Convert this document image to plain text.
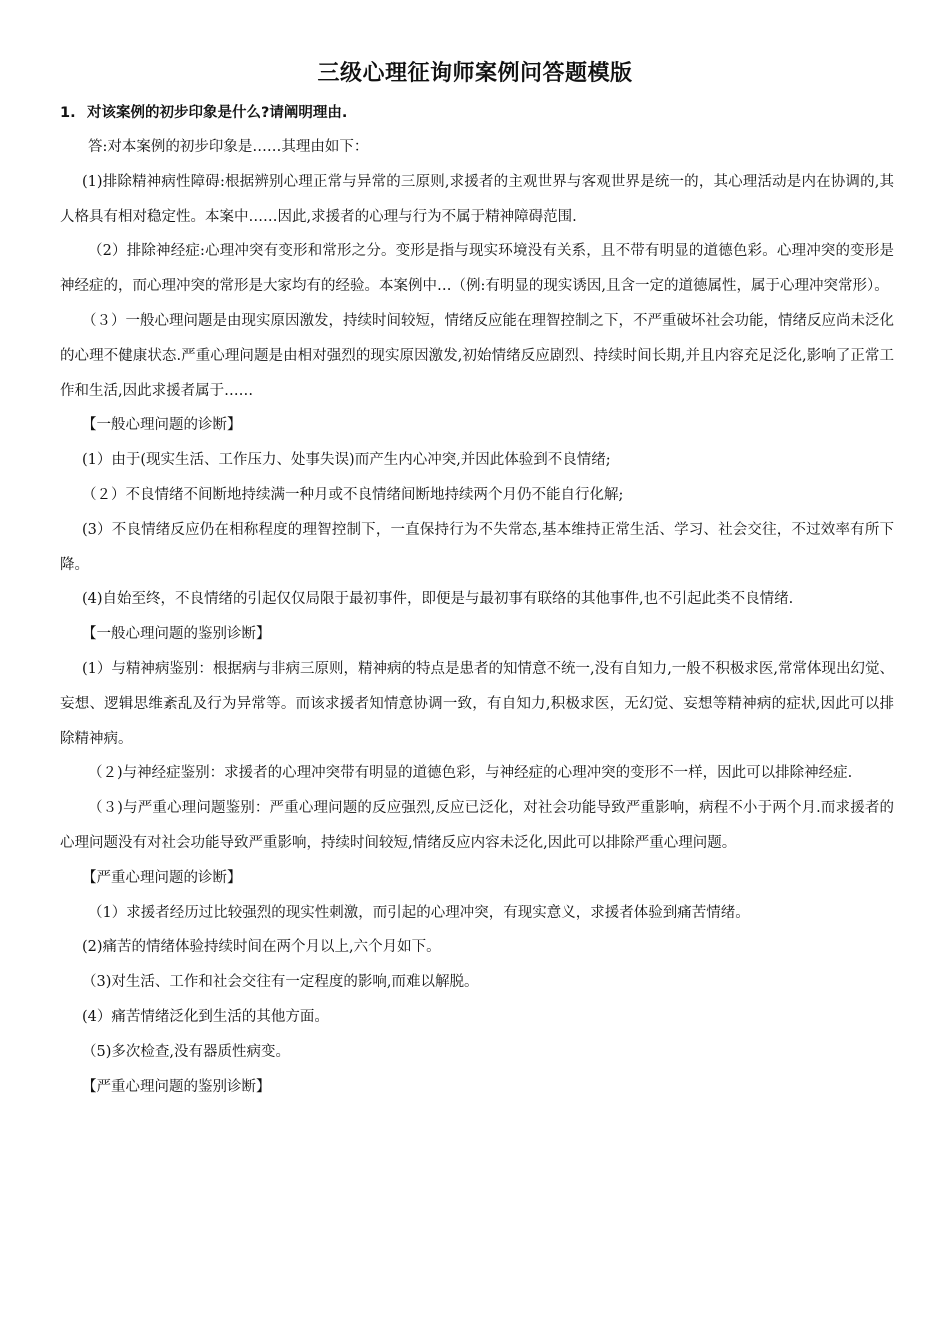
三级心理征询师案例问答题模版
1. 对该案例的初步印象是什么?请阐明理由.

答:对本案例的初步印象是……其理由如下：

(1)排除精神病性障碍:根据辨别心理正常与异常的三原则,求援者的主观世界与客观世界是统一的，其心理活动是内在协调的,其人格具有相对稳定性。本案中……因此,求援者的心理与行为不属于精神障碍范围.

（2）排除神经症:心理冲突有变形和常形之分。变形是指与现实环境没有关系，且不带有明显的道德色彩。心理冲突的变形是神经症的，而心理冲突的常形是大家均有的经验。本案例中…（例:有明显的现实诱因,且含一定的道德属性，属于心理冲突常形）。

（３）一般心理问题是由现实原因激发，持续时间较短，情绪反应能在理智控制之下，不严重破坏社会功能，情绪反应尚未泛化的心理不健康状态.严重心理问题是由相对强烈的现实原因激发,初始情绪反应剧烈、持续时间长期,并且内容充足泛化,影响了正常工作和生活,因此求援者属于……

【一般心理问题的诊断】

(1）由于(现实生活、工作压力、处事失误)而产生内心冲突,并因此体验到不良情绪;

（２）不良情绪不间断地持续满一种月或不良情绪间断地持续两个月仍不能自行化解;

(3）不良情绪反应仍在相称程度的理智控制下，一直保持行为不失常态,基本维持正常生活、学习、社会交往，不过效率有所下降。

(4)自始至终，不良情绪的引起仅仅局限于最初事件，即便是与最初事有联络的其他事件,也不引起此类不良情绪.

【一般心理问题的鉴别诊断】

(1）与精神病鉴别：根据病与非病三原则，精神病的特点是患者的知情意不统一,没有自知力,一般不积极求医,常常体现出幻觉、妄想、逻辑思维紊乱及行为异常等。而该求援者知情意协调一致，有自知力,积极求医，无幻觉、妄想等精神病的症状,因此可以排除精神病。

（２)与神经症鉴别：求援者的心理冲突带有明显的道德色彩，与神经症的心理冲突的变形不一样，因此可以排除神经症.

（３)与严重心理问题鉴别：严重心理问题的反应强烈,反应已泛化，对社会功能导致严重影响，病程不小于两个月.而求援者的心理问题没有对社会功能导致严重影响，持续时间较短,情绪反应内容未泛化,因此可以排除严重心理问题。

【严重心理问题的诊断】

（1）求援者经历过比较强烈的现实性刺激，而引起的心理冲突，有现实意义，求援者体验到痛苦情绪。

(2)痛苦的情绪体验持续时间在两个月以上,六个月如下。

（3)对生活、工作和社会交往有一定程度的影响,而难以解脱。

(4）痛苦情绪泛化到生活的其他方面。

（5)多次检查,没有器质性病变。

【严重心理问题的鉴别诊断】
